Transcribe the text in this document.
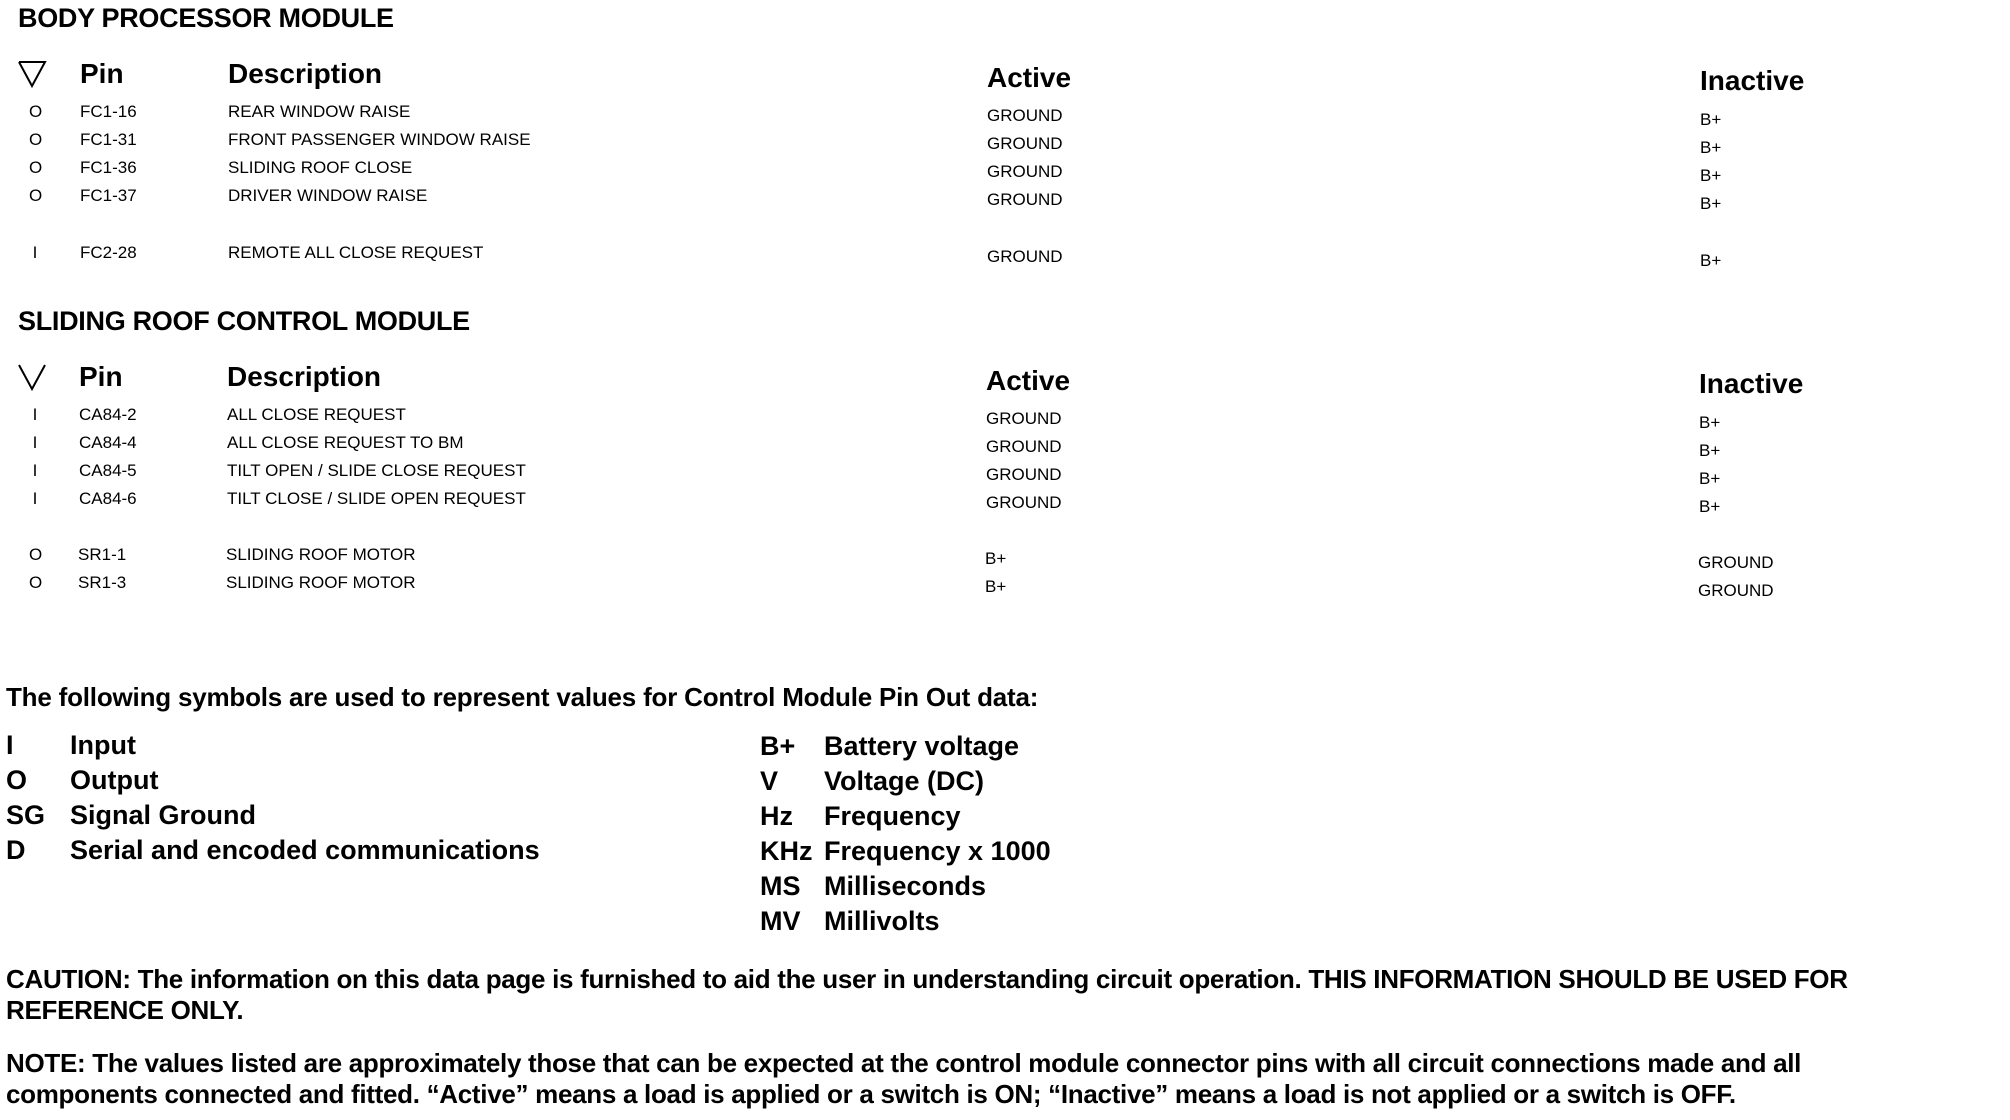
BODY PROCESSOR MODULE
Pin	Description	Active	Inactive
O FC1-16	REAR WINDOW RAISE	GROUND	B+
O FC1-31	FRONT PASSENGER WINDOW RAISE	GROUND	B+
O FC1-36	SLIDING ROOF CLOSE	GROUND	B+
O FC1-37	DRIVER WINDOW RAISE	GROUND	B+
I	FC2-28	REMOTE ALL CLOSE REQUEST	GROUND	B+
SLIDING ROOF CONTROL MODULE
Pin	Description	Active	Inactive
I CA84-2	ALL CLOSE REQUEST	GROUND	B+
I CA84-4	ALL CLOSE REQUEST TO BM	GROUND	B+
I CA84-5	TILT OPEN / SLIDE CLOSE REQUEST	GROUND	B+
I CA84-6	TILT CLOSE / SLIDE OPEN REQUEST	GROUND	B+
O SR1-1	SLIDING ROOF MOTOR	B+	GROUND
O SR1-3	SLIDING ROOF MOTOR	B+	GROUND
The following symbols are used to represent values for Control Module Pin Out data:
I Input
O Output
SG Signal Ground
D Serial and encoded communications
B+ Battery voltage
V Voltage (DC)
Hz Frequency
KHz Frequency x 1000
MS Milliseconds
MV Millivolts
CAUTION: The information on this data page is furnished to aid the user in understanding circuit operation. THIS INFORMATION SHOULD BE USED FOR
REFERENCE ONLY.
NOTE: The values listed are approximately those that can be expected at the control module connector pins with all circuit connections made and all
components connected and fitted. “Active” means a load is applied or a switch is ON; “Inactive” means a load is not applied or a switch is OFF.
